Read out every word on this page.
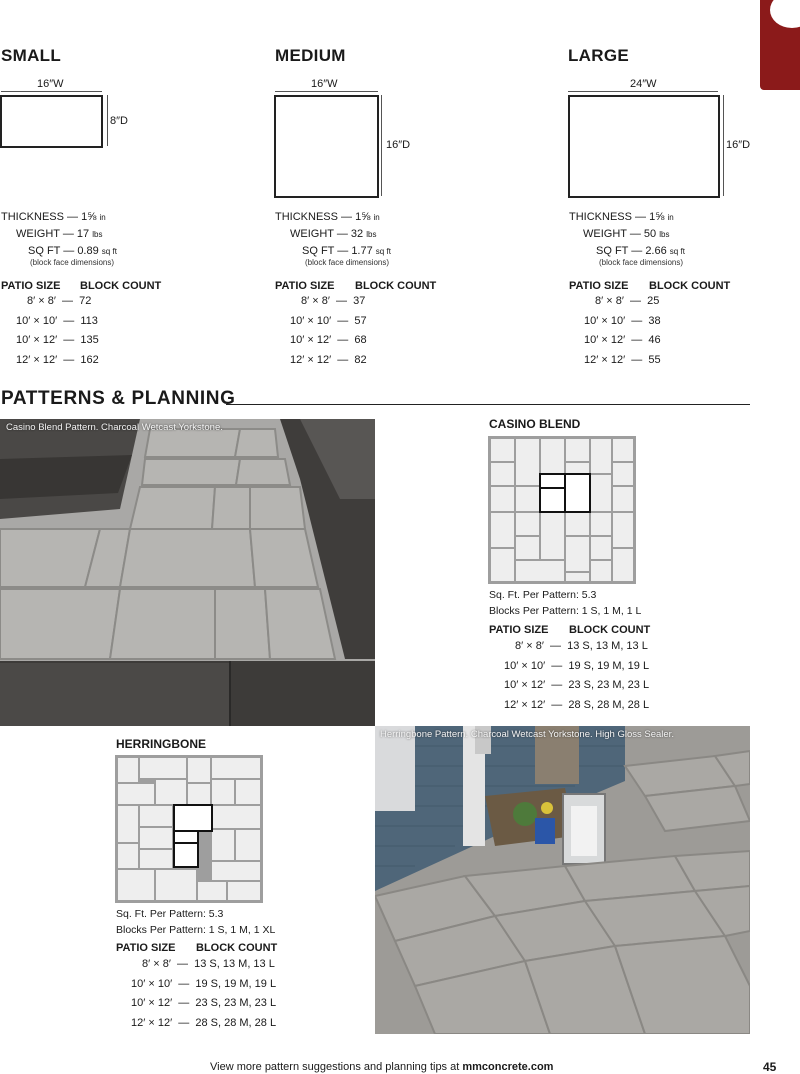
SMALL
16″W
8″D
THICKNESS — 1⅝ in
WEIGHT — 17 lbs
SQ FT — 0.89 sq ft
(block face dimensions)
PATIO SIZE BLOCK COUNT
8′ × 8′  —  72
10′ × 10′  —  113
10′ × 12′  —  135
12′ × 12′  —  162
MEDIUM
16″W
16″D
THICKNESS — 1⅝ in
WEIGHT — 32 lbs
SQ FT — 1.77 sq ft
(block face dimensions)
PATIO SIZE BLOCK COUNT
8′ × 8′  —  37
10′ × 10′  —  57
10′ × 12′  —  68
12′ × 12′  —  82
LARGE
24″W
16″D
THICKNESS — 1⅝ in
WEIGHT — 50 lbs
SQ FT — 2.66 sq ft
(block face dimensions)
PATIO SIZE BLOCK COUNT
8′ × 8′  —  25
10′ × 10′  —  38
10′ × 12′  —  46
12′ × 12′  —  55
PATTERNS & PLANNING
Casino Blend Pattern. Charcoal Wetcast Yorkstone.	CASINO BLEND
Sq. Ft. Per Pattern: 5.3
Blocks Per Pattern: 1 S, 1 M, 1 L
PATIO SIZE BLOCK COUNT
8′ × 8′  —  13 S, 13 M, 13 L
10′ × 10′  —  19 S, 19 M, 19 L
10′ × 12′  —  23 S, 23 M, 23 L
12′ × 12′  —  28 S, 28 M, 28 L
HERRINGBONE
Sq. Ft. Per Pattern: 5.3
Blocks Per Pattern: 1 S, 1 M, 1 XL
PATIO SIZE BLOCK COUNT
8′ × 8′  —  13 S, 13 M, 13 L
10′ × 10′  —  19 S, 19 M, 19 L
10′ × 12′  —  23 S, 23 M, 23 L
12′ × 12′  —  28 S, 28 M, 28 L
Herringbone Pattern. Charcoal Wetcast Yorkstone. High Gloss Sealer.
View more pattern suggestions and planning tips at mmconcrete.com	45
